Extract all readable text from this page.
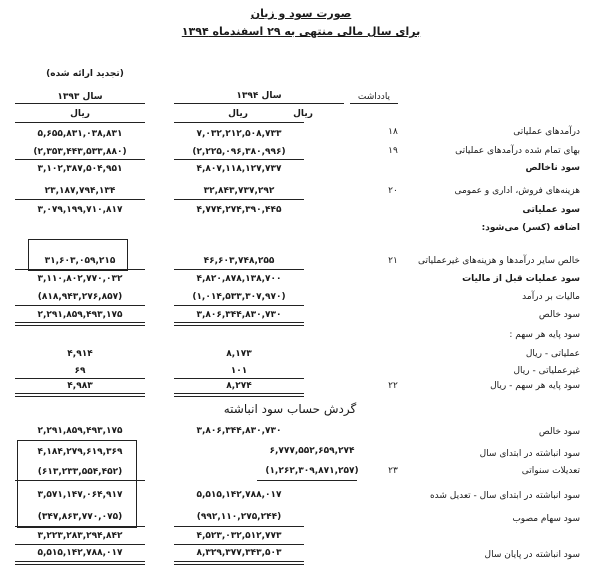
صورت سود و زیان
برای سال مالی منتهی به ۲۹ اسفندماه ۱۳۹۴
(تجدید ارائه شده)
یادداشت
سال ۱۳۹۴
سال ۱۳۹۳
ریال
ریال
ریال
درآمدهای عملیاتی
۱۸
۷,۰۳۲,۲۱۲,۵۰۸,۷۳۳
۵,۶۵۵,۸۳۱,۰۳۸,۸۳۱
بهای تمام شده درآمدهای عملیاتی
۱۹
(۲,۲۲۵,۰۹۶,۳۸۰,۹۹۶)
(۲,۳۵۳,۴۴۳,۵۳۳,۸۸۰)
سود ناخالص
۴,۸۰۷,۱۱۸,۱۲۷,۷۳۷
۳,۱۰۲,۳۸۷,۵۰۴,۹۵۱
هزینه‌های فروش، اداری و عمومی
۲۰
۳۲,۸۴۳,۷۳۷,۲۹۲
۲۳,۱۸۷,۷۹۴,۱۳۴
سود عملیاتی
۴,۷۷۴,۲۷۴,۳۹۰,۴۴۵
۳,۰۷۹,۱۹۹,۷۱۰,۸۱۷
اضافه (کسر) می‌شود:
خالص سایر درآمدها و هزینه‌های غیرعملیاتی
۲۱
۴۶,۶۰۳,۷۴۸,۲۵۵
۳۱,۶۰۳,۰۵۹,۲۱۵
سود عملیات قبل از مالیات
۴,۸۲۰,۸۷۸,۱۳۸,۷۰۰
۳,۱۱۰,۸۰۲,۷۷۰,۰۳۲
مالیات بر درآمد
(۱,۰۱۴,۵۳۳,۳۰۷,۹۷۰)
(۸۱۸,۹۴۳,۲۷۶,۸۵۷)
سود خالص
۳,۸۰۶,۳۴۴,۸۳۰,۷۳۰
۲,۲۹۱,۸۵۹,۴۹۳,۱۷۵
سود پایه هر سهم :
عملیاتی - ریال
۸,۱۷۳
۴,۹۱۴
غیرعملیاتی - ریال
۱۰۱
۶۹
سود پایه هر سهم - ریال
۲۲
۸,۲۷۴
۴,۹۸۳
گردش حساب سود انباشته
سود خالص
۳,۸۰۶,۳۴۴,۸۳۰,۷۳۰
۲,۲۹۱,۸۵۹,۴۹۳,۱۷۵
سود انباشته در ابتدای سال
۶,۷۷۷,۵۵۲,۶۵۹,۲۷۴
۴,۱۸۴,۲۷۹,۶۱۹,۳۶۹
تعدیلات سنواتی
۲۳
(۱,۲۶۲,۳۰۹,۸۷۱,۲۵۷)
(۶۱۳,۲۳۳,۵۵۴,۴۵۲)
سود انباشته در ابتدای سال - تعدیل شده
۵,۵۱۵,۱۴۲,۷۸۸,۰۱۷
۳,۵۷۱,۱۴۷,۰۶۴,۹۱۷
سود سهام مصوب
(۹۹۲,۱۱۰,۲۷۵,۲۴۴)
(۳۴۷,۸۶۳,۷۷۰,۰۷۵)
۴,۵۲۳,۰۳۲,۵۱۲,۷۷۳
۳,۲۲۳,۲۸۳,۲۹۴,۸۴۲
سود انباشته در پایان سال
۸,۳۲۹,۳۷۷,۳۴۳,۵۰۳
۵,۵۱۵,۱۴۲,۷۸۸,۰۱۷
